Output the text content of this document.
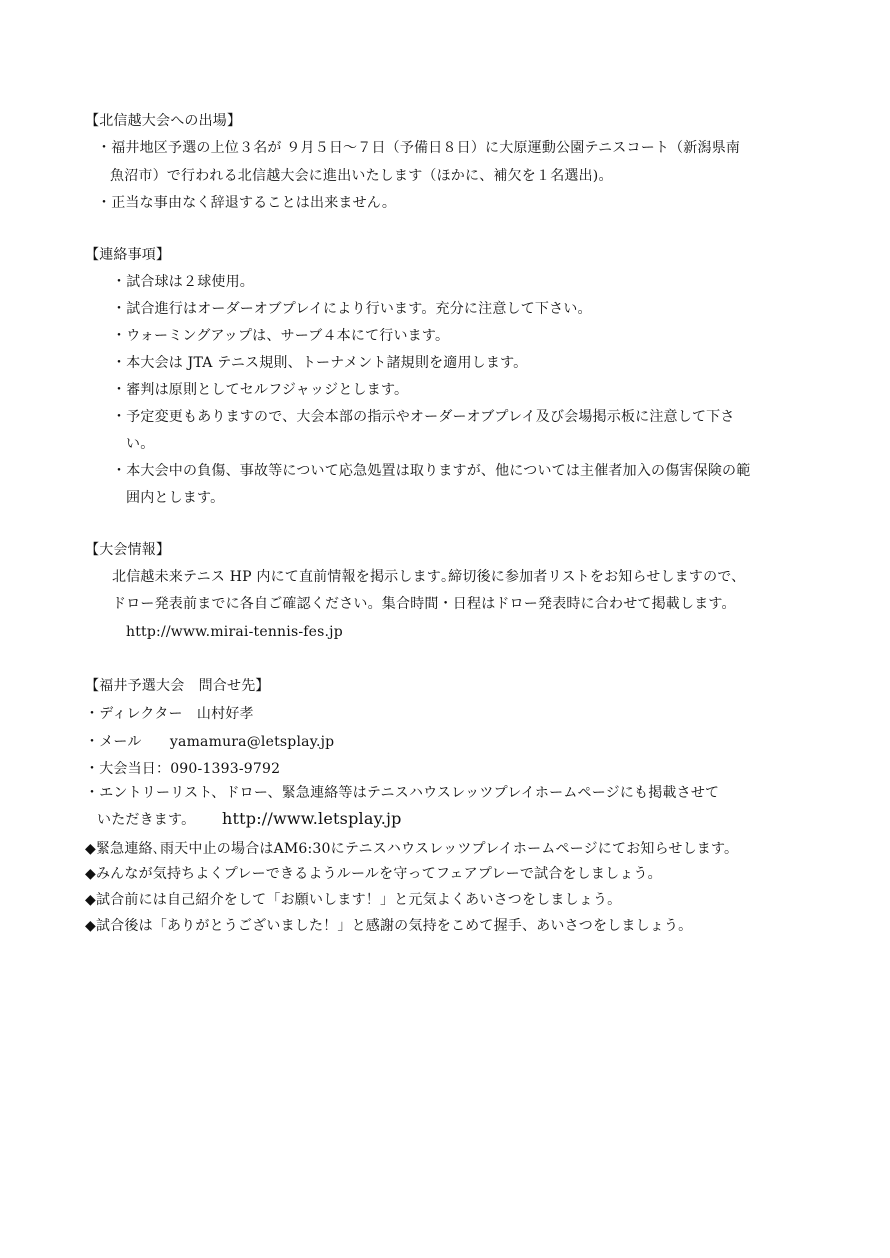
【北信越大会への出場】
・福井地区予選の上位３名が ９月５日～７日（予備日８日）に大原運動公園テニスコート（新潟県南
魚沼市）で行われる北信越大会に進出いたします（ほかに、補欠を１名選出)。
・正当な事由なく辞退することは出来ません。
【連絡事項】
・試合球は２球使用。
・試合進行はオーダーオブプレイにより行います。充分に注意して下さい。
・ウォーミングアップは、サーブ４本にて行います。
・本大会は JTA テニス規則、トーナメント諸規則を適用します。
・審判は原則としてセルフジャッジとします。
・予定変更もありますので、大会本部の指示やオーダーオブプレイ及び会場掲示板に注意して下さ
い。
・本大会中の負傷、事故等について応急処置は取りますが、他については主催者加入の傷害保険の範
囲内とします。
【大会情報】
北信越未来テニス HP 内にて直前情報を掲示します｡締切後に参加者リストをお知らせしますので、
ドロー発表前までに各自ご確認ください。集合時間・日程はドロー発表時に合わせて掲載します。
http://www.mirai-tennis-fes.jp
【福井予選大会　問合せ先】
・ディレクター　山村好孝
・メール　　yamamura@letsplay.jp
・大会当日：090-1393-9792
・エントリーリスト、ドロー、緊急連絡等はテニスハウスレッツプレイホームページにも掲載させて
いただきます。 http://www.letsplay.jp
◆緊急連絡､雨天中止の場合はAM6:30にテニスハウスレッツプレイホームページにてお知らせします。
◆みんなが気持ちよくプレーできるようルールを守ってフェアプレーで試合をしましょう。
◆試合前には自己紹介をして「お願いします！」と元気よくあいさつをしましょう。
◆試合後は「ありがとうございました！」と感謝の気持をこめて握手、あいさつをしましょう。
